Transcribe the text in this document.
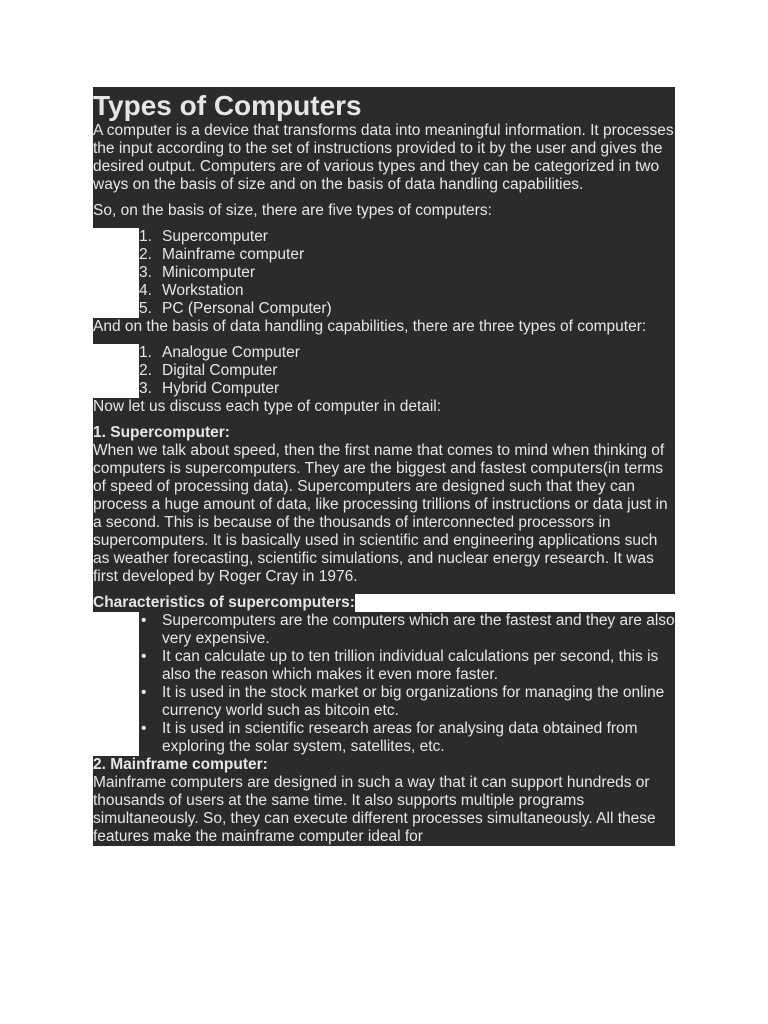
Types of Computers

A computer is a device that transforms data into meaningful information. It processes the input according to the set of instructions provided to it by the user and gives the desired output. Computers are of various types and they can be categorized in two ways on the basis of size and on the basis of data handling capabilities.

So, on the basis of size, there are five types of computers:

1. Supercomputer
2. Mainframe computer
3. Minicomputer
4. Workstation
5. PC (Personal Computer)

And on the basis of data handling capabilities, there are three types of computer:

1. Analogue Computer
2. Digital Computer
3. Hybrid Computer

Now let us discuss each type of computer in detail:

1. Supercomputer:

When we talk about speed, then the first name that comes to mind when thinking of computers is supercomputers. They are the biggest and fastest computers(in terms of speed of processing data). Supercomputers are designed such that they can process a huge amount of data, like processing trillions of instructions or data just in a second. This is because of the thousands of interconnected processors in supercomputers. It is basically used in scientific and engineering applications such as weather forecasting, scientific simulations, and nuclear energy research. It was first developed by Roger Cray in 1976.

Characteristics of supercomputers:

•	Supercomputers are the computers which are the fastest and they are also very expensive.
•	It can calculate up to ten trillion individual calculations per second, this is also the reason which makes it even more faster.
•	It is used in the stock market or big organizations for managing the online currency world such as bitcoin etc.
•	It is used in scientific research areas for analysing data obtained from exploring the solar system, satellites, etc.

2. Mainframe computer:

Mainframe computers are designed in such a way that it can support hundreds or thousands of users at the same time. It also supports multiple programs simultaneously. So, they can execute different processes simultaneously. All these features make the mainframe computer ideal for
